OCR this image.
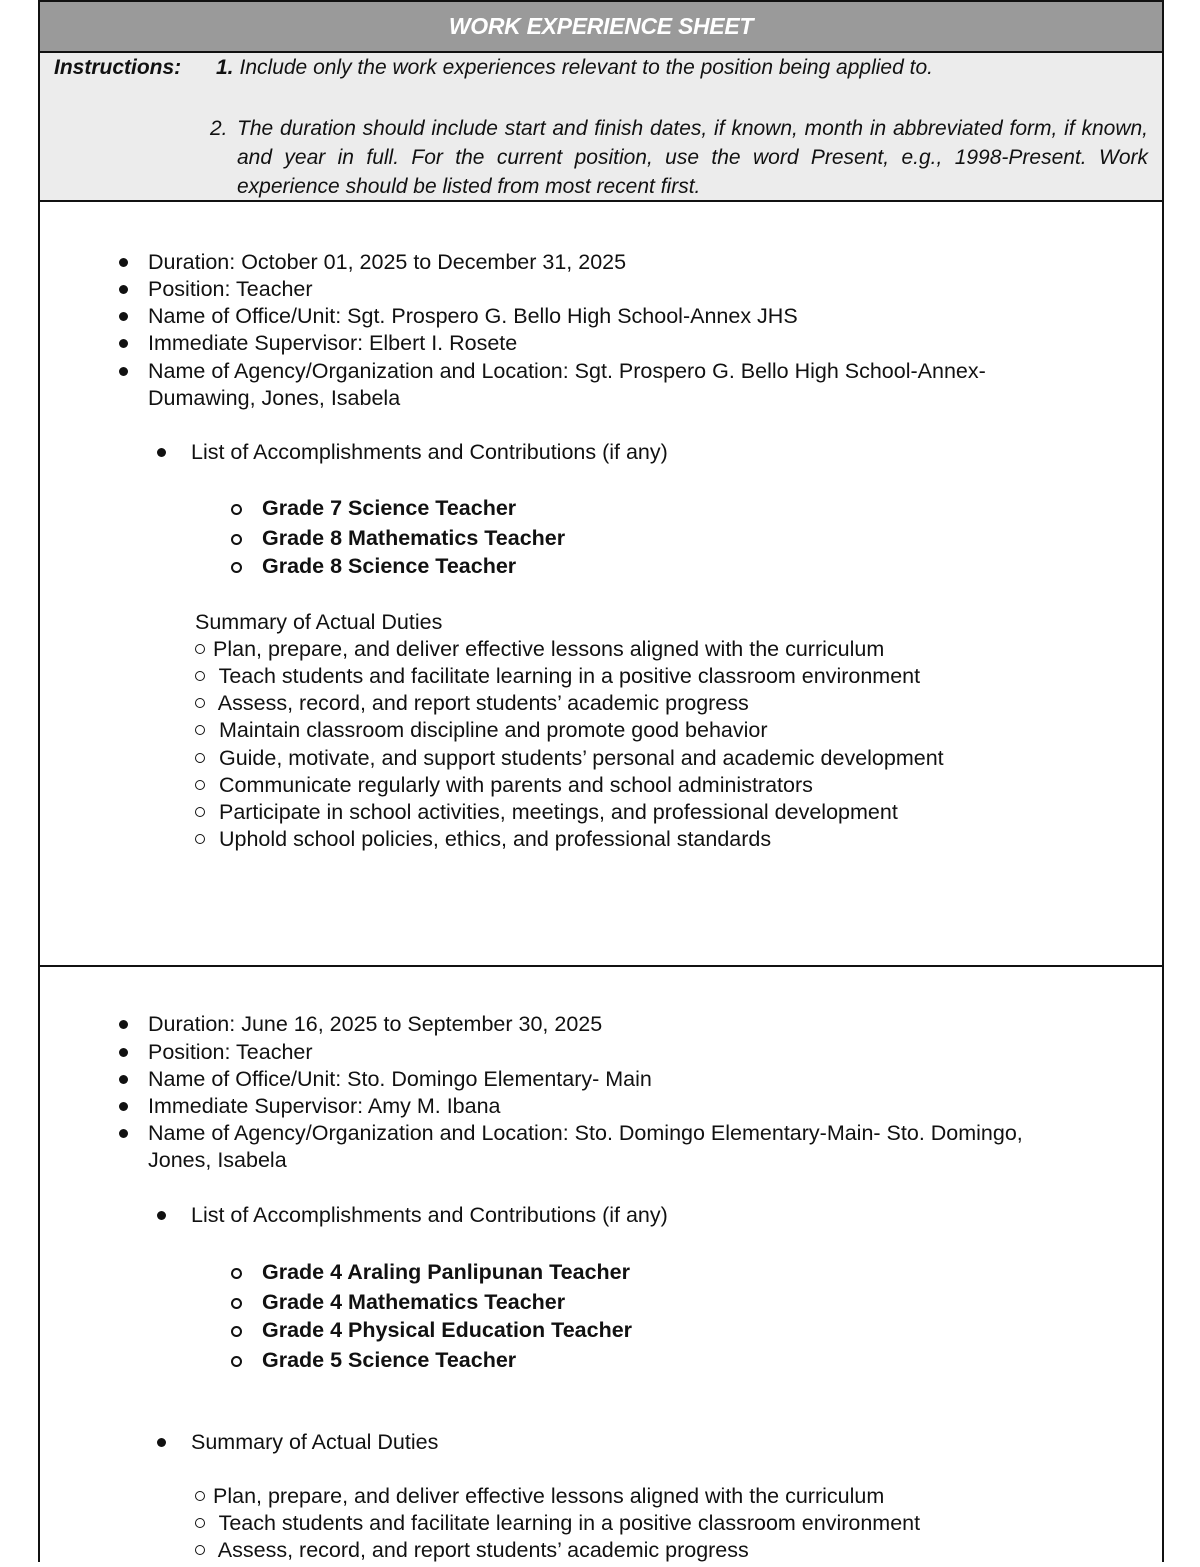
WORK EXPERIENCE SHEET
Instructions: 1. Include only the work experiences relevant to the position being applied to.
2. The duration should include start and finish dates, if known, month in abbreviated form, if known, and year in full. For the current position, use the word Present, e.g., 1998-Present. Work experience should be listed from most recent first.
Duration: October 01, 2025 to December 31, 2025
Position: Teacher
Name of Office/Unit: Sgt. Prospero G. Bello High School-Annex JHS
Immediate Supervisor: Elbert I. Rosete
Name of Agency/Organization and Location: Sgt. Prospero G. Bello High School-Annex-
Dumawing, Jones, Isabela
List of Accomplishments and Contributions (if any)
Grade 7 Science Teacher
Grade 8 Mathematics Teacher
Grade 8 Science Teacher
Summary of Actual Duties
Plan, prepare, and deliver effective lessons aligned with the curriculum
Teach students and facilitate learning in a positive classroom environment
Assess, record, and report students’ academic progress
Maintain classroom discipline and promote good behavior
Guide, motivate, and support students’ personal and academic development
Communicate regularly with parents and school administrators
Participate in school activities, meetings, and professional development
Uphold school policies, ethics, and professional standards
Duration: June 16, 2025 to September 30, 2025
Position: Teacher
Name of Office/Unit: Sto. Domingo Elementary- Main
Immediate Supervisor: Amy M. Ibana
Name of Agency/Organization and Location: Sto. Domingo Elementary-Main- Sto. Domingo,
Jones, Isabela
List of Accomplishments and Contributions (if any)
Grade 4 Araling Panlipunan Teacher
Grade 4 Mathematics Teacher
Grade 4 Physical Education Teacher
Grade 5 Science Teacher
Summary of Actual Duties
Plan, prepare, and deliver effective lessons aligned with the curriculum
Teach students and facilitate learning in a positive classroom environment
Assess, record, and report students’ academic progress
